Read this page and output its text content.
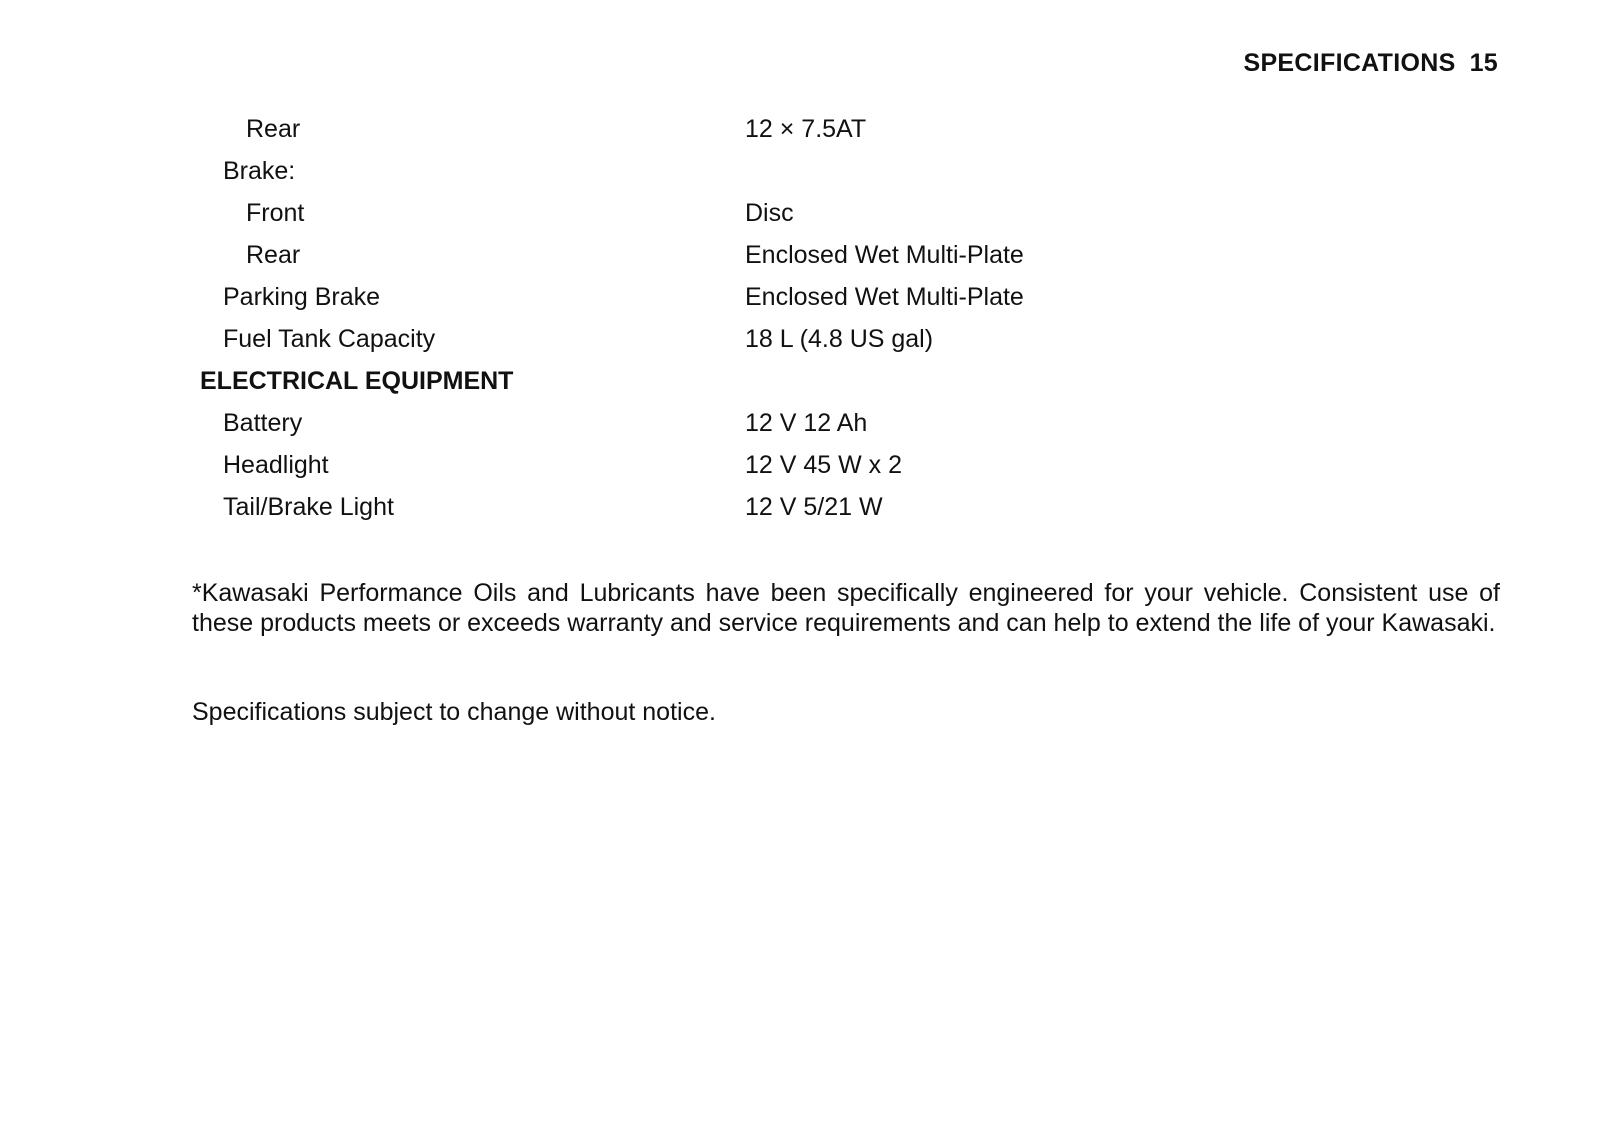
SPECIFICATIONS 15
Rear	12 × 7.5AT
Brake:
Front	Disc
Rear	Enclosed Wet Multi-Plate
Parking Brake	Enclosed Wet Multi-Plate
Fuel Tank Capacity	18 L (4.8 US gal)
ELECTRICAL EQUIPMENT
Battery	12 V 12 Ah
Headlight	12 V 45 W x 2
Tail/Brake Light	12 V 5/21 W

*Kawasaki Performance Oils and Lubricants have been specifically engineered for your vehicle. Consistent use of these products meets or exceeds warranty and service requirements and can help to extend the life of your Kawasaki.

Specifications subject to change without notice.
